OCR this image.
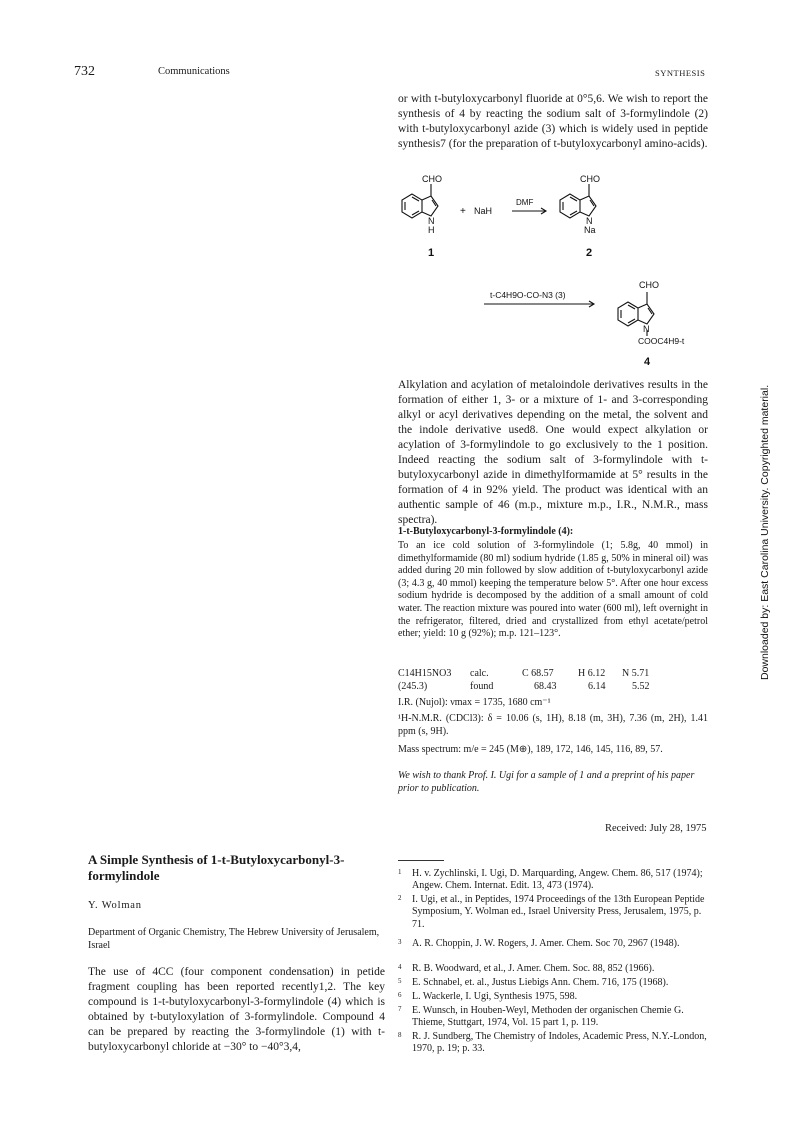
732	Communications	SYNTHESIS

or with t-butyloxycarbonyl fluoride at 0°5,6. We wish to report the synthesis of 4 by reacting the sodium salt of 3-formylindole (2) with t-butyloxycarbonyl azide (3) which is widely used in peptide synthesis7 (for the preparation of t-butyloxycarbonyl amino-acids).

CHO
N
H
1
+ NaH
DMF
CHO
N
Na
2
t-C4H9O-CO-N3 (3)
CHO
N
COOC4H9-t
4

Alkylation and acylation of metaloindole derivatives results in the formation of either 1, 3- or a mixture of 1- and 3-corresponding alkyl or acyl derivatives depending on the metal, the solvent and the indole derivative used8. One would expect alkylation or acylation of 3-formylindole to go exclusively to the 1 position. Indeed reacting the sodium salt of 3-formylindole with t-butyloxycarbonyl azide in dimethylformamide at 5° results in the formation of 4 in 92% yield. The product was identical with an authentic sample of 46 (m.p., mixture m.p., I.R., N.M.R., mass spectra).

1-t-Butyloxycarbonyl-3-formylindole (4):

To an ice cold solution of 3-formylindole (1; 5.8g, 40 mmol) in dimethylformamide (80 ml) sodium hydride (1.85 g, 50% in mineral oil) was added during 20 min followed by slow addition of t-butyloxycarbonyl azide (3; 4.3 g, 40 mmol) keeping the temperature below 5°. After one hour excess sodium hydride is decomposed by the addition of a small amount of cold water. The reaction mixture was poured into water (600 ml), left overnight in the refrigerator, filtered, dried and crystallized from ethyl acetate/petrol ether; yield: 10 g (92%); m.p. 121–123°.

C14H15NO3	calc.	C 68.57	H 6.12	N 5.71
(245.3)	found	68.43	6.14	5.52

I.R. (Nujol): νmax = 1735, 1680 cm⁻¹

¹H-N.M.R. (CDCl3): δ = 10.06 (s, 1H), 8.18 (m, 3H), 7.36 (m, 2H), 1.41 ppm (s, 9H).

Mass spectrum: m/e = 245 (M⊕), 189, 172, 146, 145, 116, 89, 57.

We wish to thank Prof. I. Ugi for a sample of 1 and a preprint of his paper prior to publication.

Received: July 28, 1975
A Simple Synthesis of 1-t-Butyloxycarbonyl-3-formylindole
Y. Wolman
Department of Organic Chemistry, The Hebrew University of Jerusalem, Israel

The use of 4CC (four component condensation) in petide fragment coupling has been reported recently1,2. The key compound is 1-t-butyloxycarbonyl-3-formylindole (4) which is obtained by t-butyloxylation of 3-formylindole. Compound 4 can be prepared by reacting the 3-formylindole (1) with t-butyloxycarbonyl chloride at −30° to −40°3,4,

1 H. v. Zychlinski, I. Ugi, D. Marquarding, Angew. Chem. 86, 517 (1974); Angew. Chem. Internat. Edit. 13, 473 (1974).
2 I. Ugi, et al., in Peptides, 1974 Proceedings of the 13th European Peptide Symposium, Y. Wolman ed., Israel University Press, Jerusalem, 1975, p. 71.
3 A. R. Choppin, J. W. Rogers, J. Amer. Chem. Soc 70, 2967 (1948).
4 R. B. Woodward, et al., J. Amer. Chem. Soc. 88, 852 (1966).
5 E. Schnabel, et. al., Justus Liebigs Ann. Chem. 716, 175 (1968).
6 L. Wackerle, I. Ugi, Synthesis 1975, 598.
7 E. Wunsch, in Houben-Weyl, Methoden der organischen Chemie G. Thieme, Stuttgart, 1974, Vol. 15 part 1, p. 119.
8 R. J. Sundberg, The Chemistry of Indoles, Academic Press, N.Y.-London, 1970, p. 19; p. 33.
Downloaded by: East Carolina University. Copyrighted material.
